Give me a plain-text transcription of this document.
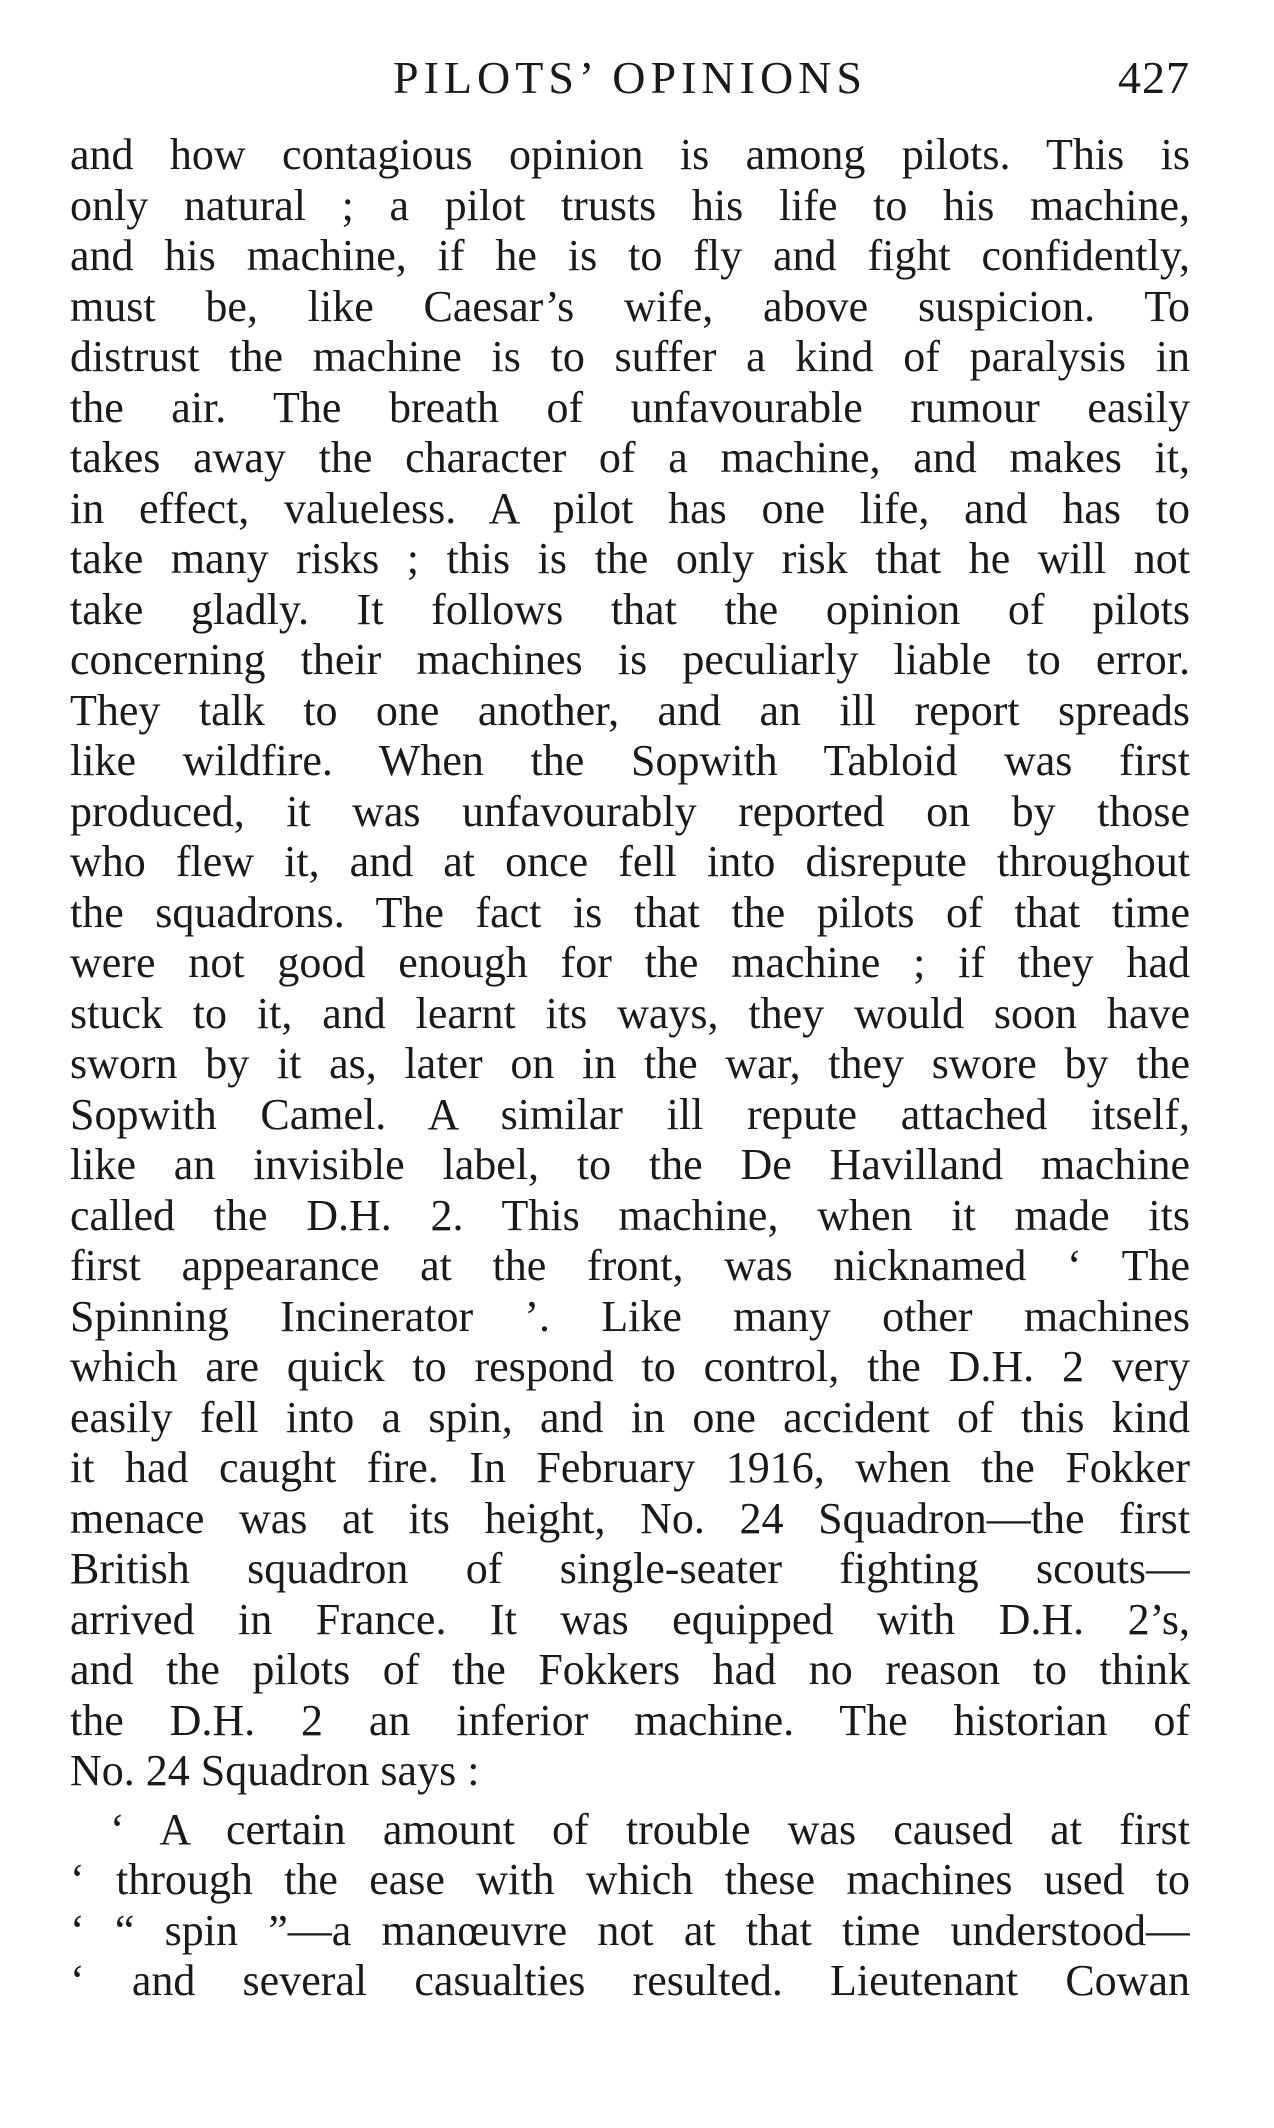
PILOTS’ OPINIONS	427
and how contagious opinion is among pilots. This is
only natural ; a pilot trusts his life to his machine,
and his machine, if he is to fly and fight confidently,
must be, like Caesar’s wife, above suspicion. To
distrust the machine is to suffer a kind of paralysis in
the air. The breath of unfavourable rumour easily
takes away the character of a machine, and makes it,
in effect, valueless. A pilot has one life, and has to
take many risks ; this is the only risk that he will not
take gladly. It follows that the opinion of pilots
concerning their machines is peculiarly liable to error.
They talk to one another, and an ill report spreads
like wildfire. When the Sopwith Tabloid was first
produced, it was unfavourably reported on by those
who flew it, and at once fell into disrepute throughout
the squadrons. The fact is that the pilots of that time
were not good enough for the machine ; if they had
stuck to it, and learnt its ways, they would soon have
sworn by it as, later on in the war, they swore by the
Sopwith Camel. A similar ill repute attached itself,
like an invisible label, to the De Havilland machine
called the D.H. 2. This machine, when it made its
first appearance at the front, was nicknamed ‘ The
Spinning Incinerator ’. Like many other machines
which are quick to respond to control, the D.H. 2 very
easily fell into a spin, and in one accident of this kind
it had caught fire. In February 1916, when the Fokker
menace was at its height, No. 24 Squadron—the first
British squadron of single-seater fighting scouts—
arrived in France. It was equipped with D.H. 2’s,
and the pilots of the Fokkers had no reason to think
the D.H. 2 an inferior machine. The historian of
No. 24 Squadron says :
‘ A certain amount of trouble was caused at first
‘ through the ease with which these machines used to
‘ “ spin ”—a manœuvre not at that time understood—
‘ and several casualties resulted. Lieutenant Cowan
